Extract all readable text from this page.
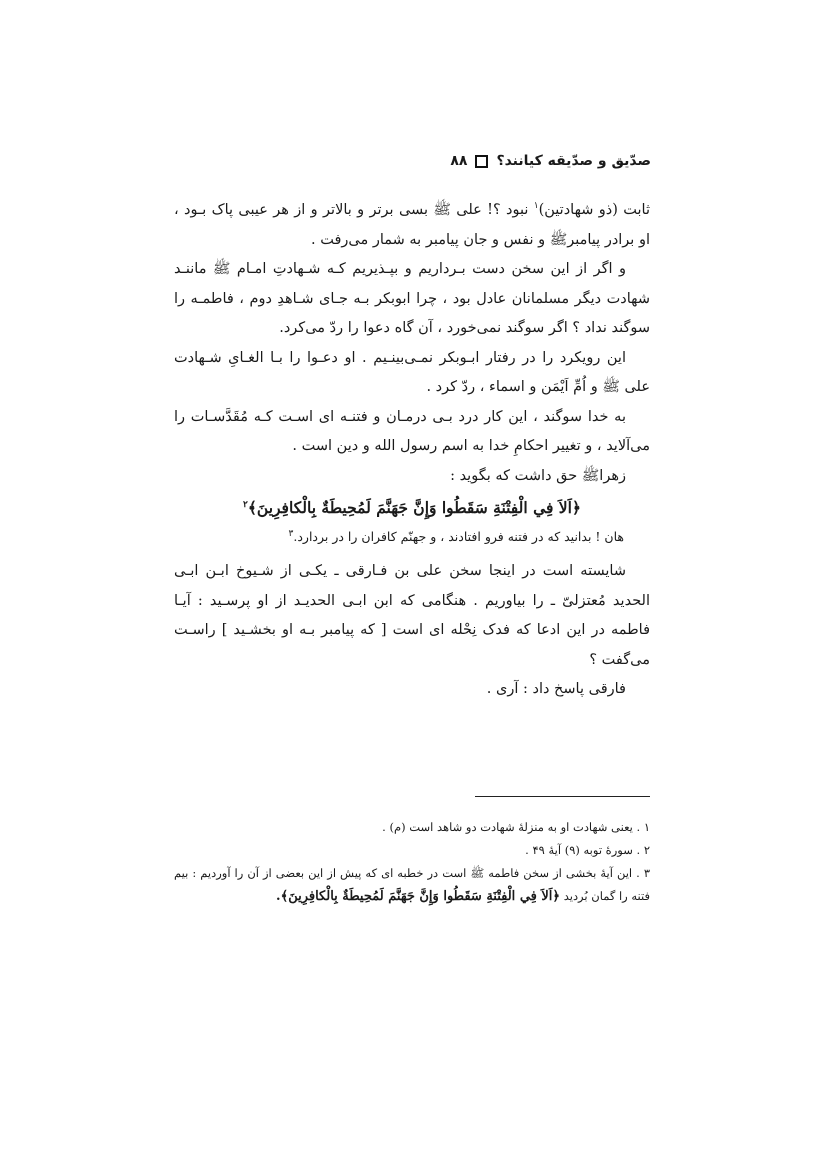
۸۸ صدّیق و صدّیقه کیانند؟

ثابت (ذو شهادتین)$^۱$ نبود ؟! علی ﷺ بسی برتر و بالاتر و از هر عیبی پاک بـود ، او برادر پیامبرﷺ و نفس و جان پیامبر به شمار می‌رفت .

و اگر از این سخن دست بـرداریم و بپـذیریم کـه شـهادتِ امـام ﷺ ماننـد شهادت دیگر مسلمانان عادل بود ، چرا ابوبکر بـه جـای شـاهدِ دوم ، فاطمـه را سوگند نداد ؟ اگر سوگند نمی‌خورد ، آن گاه دعوا را ردّ می‌کرد.

این رویکرد را در رفتار ابـوبکر نمـی‌بینـیم . او دعـوا را بـا الغـایِ شـهادت علی ﷺ و اُمِّ اَیْمَن و اسماء ، ردّ کرد .

به خدا سوگند ، این کار درد بـی درمـان و فتنـه ای اسـت کـه مُقَدَّسـات را می‌آلاید ، و تغییر احکامِ خدا به اسم رسول الله و دین است .

زهراﷺ حق داشت که بگوید :

﴿اَلاَ فِي الْفِتْنَةِ سَقَطُوا وَإِنَّ جَهَنَّمَ لَمُحِيطَةٌ بِالْكافِرِينَ﴾$^۲$

هان ! بدانید که در فتنه فرو افتادند ، و جهنّم کافران را در بردارد.$^۳$

شایسته است در اینجا سخن علی بن فـارقی ـ یکـی از شـیوخ ابـن ابـی الحدید مُعتزلیّ ـ را بیاوریم . هنگامی که ابن ابـی الحدیـد از او پرسـید : آیـا فاطمه در این ادعا که فدک نِحْله ای است [ که پیامبر بـه او بخشـید ] راسـت می‌گفت ؟

فارقی پاسخ داد : آری .

۱ . یعنی شهادت او به منزلهٔ شهادت دو شاهد است (م) .

۲ . سورهٔ توبه (۹) آیهٔ ۴۹ .

۳ . این آیهٔ بخشی از سخن فاطمه ﷺ است در خطبه ای که پیش از این بعضی از آن را آوردیم : بیم فتنه را گمان بُردید ﴿اَلاَ فِي الْفِتْنَةِ سَقَطُوا وَإِنَّ جَهَنَّمَ لَمُحِيطَةٌ بِالْكافِرِينَ﴾.
